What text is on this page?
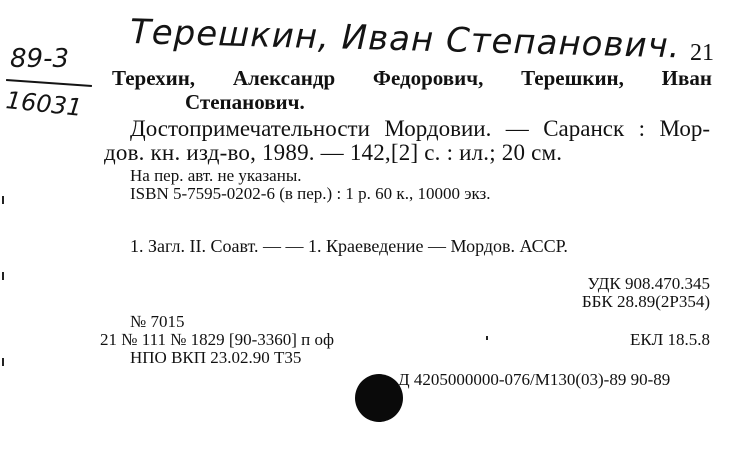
Терешкин, Иван Степанович.
89-3
16031
21
Терехин, Александр Федорович, Терешкин, Иван
Степанович.
Достопримечательности Мордовии. — Саранск : Мор-
дов. кн. изд-во, 1989. — 142,[2] с. : ил.; 20 см.
На пер. авт. не указаны.
ISBN 5-7595-0202-6 (в пер.) : 1 р. 60 к., 10000 экз.
1. Загл. II. Соавт. — — 1. Краеведение — Мордов. АССР.
УДК 908.470.345
ББК 28.89(2Р354)
№ 7015
21 № 111 № 1829 [90-3360] п оф	ЕКЛ 18.5.8
НПО ВКП 23.02.90 Т35
Д 4205000000-076/М130(03)-89 90-89
